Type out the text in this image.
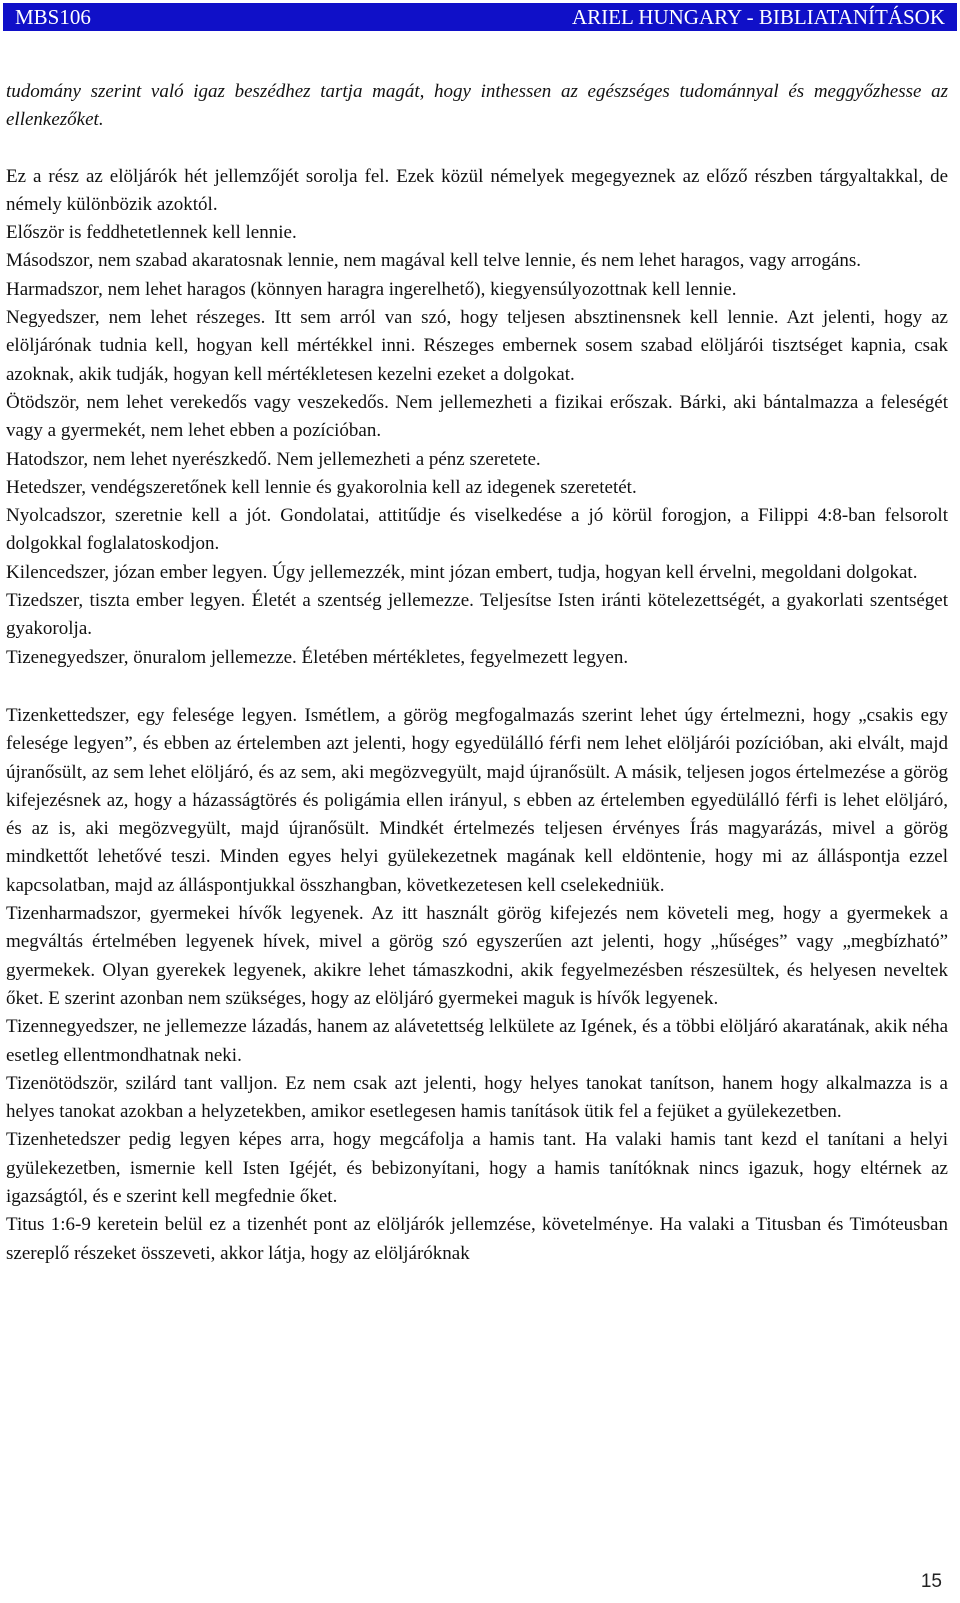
MBS106	ARIEL HUNGARY - BIBLIATANÍTÁSOK

tudomány szerint való igaz beszédhez tartja magát, hogy inthessen az egészséges tudománnyal és meggyőzhesse az ellenkezőket.

Ez a rész az elöljárók hét jellemzőjét sorolja fel. Ezek közül némelyek megegyeznek az előző részben tárgyaltakkal, de némely különbözik azoktól.

Először is feddhetetlennek kell lennie.

Másodszor, nem szabad akaratosnak lennie, nem magával kell telve lennie, és nem lehet haragos, vagy arrogáns.

Harmadszor, nem lehet haragos (könnyen haragra ingerelhető), kiegyensúlyozottnak kell lennie.

Negyedszer, nem lehet részeges. Itt sem arról van szó, hogy teljesen absztinensnek kell lennie. Azt jelenti, hogy az elöljárónak tudnia kell, hogyan kell mértékkel inni. Részeges embernek sosem szabad elöljárói tisztséget kapnia, csak azoknak, akik tudják, hogyan kell mértékletesen kezelni ezeket a dolgokat.

Ötödször, nem lehet verekedős vagy veszekedős. Nem jellemezheti a fizikai erőszak. Bárki, aki bántalmazza a feleségét vagy a gyermekét, nem lehet ebben a pozícióban.

Hatodszor, nem lehet nyerészkedő. Nem jellemezheti a pénz szeretete.

Hetedszer, vendégszeretőnek kell lennie és gyakorolnia kell az idegenek szeretetét.

Nyolcadszor, szeretnie kell a jót. Gondolatai, attitűdje és viselkedése a jó körül forogjon, a Filippi 4:8-ban felsorolt dolgokkal foglalatoskodjon.

Kilencedszer, józan ember legyen. Úgy jellemezzék, mint józan embert, tudja, hogyan kell érvelni, megoldani dolgokat.

Tizedszer, tiszta ember legyen. Életét a szentség jellemezze. Teljesítse Isten iránti kötelezettségét, a gyakorlati szentséget gyakorolja.

Tizenegyedszer, önuralom jellemezze. Életében mértékletes, fegyelmezett legyen.

Tizenkettedszer, egy felesége legyen. Ismétlem, a görög megfogalmazás szerint lehet úgy értelmezni, hogy „csakis egy felesége legyen”, és ebben az értelemben azt jelenti, hogy egyedülálló férfi nem lehet elöljárói pozícióban, aki elvált, majd újranősült, az sem lehet elöljáró, és az sem, aki megözvegyült, majd újranősült. A másik, teljesen jogos értelmezése a görög kifejezésnek az, hogy a házasságtörés és poligámia ellen irányul, s ebben az értelemben egyedülálló férfi is lehet elöljáró, és az is, aki megözvegyült, majd újranősült. Mindkét értelmezés teljesen érvényes Írás magyarázás, mivel a görög mindkettőt lehetővé teszi. Minden egyes helyi gyülekezetnek magának kell eldöntenie, hogy mi az álláspontja ezzel kapcsolatban, majd az álláspontjukkal összhangban, következetesen kell cselekedniük.

Tizenharmadszor, gyermekei hívők legyenek. Az itt használt görög kifejezés nem követeli meg, hogy a gyermekek a megváltás értelmében legyenek hívek, mivel a görög szó egyszerűen azt jelenti, hogy „hűséges” vagy „megbízható” gyermekek. Olyan gyerekek legyenek, akikre lehet támaszkodni, akik fegyelmezésben részesültek, és helyesen neveltek őket. E szerint azonban nem szükséges, hogy az elöljáró gyermekei maguk is hívők legyenek.

Tizennegyedszer, ne jellemezze lázadás, hanem az alávetettség lelkülete az Igének, és a többi elöljáró akaratának, akik néha esetleg ellentmondhatnak neki.

Tizenötödször, szilárd tant valljon. Ez nem csak azt jelenti, hogy helyes tanokat tanítson, hanem hogy alkalmazza is a helyes tanokat azokban a helyzetekben, amikor esetlegesen hamis tanítások ütik fel a fejüket a gyülekezetben.

Tizenhetedszer pedig legyen képes arra, hogy megcáfolja a hamis tant. Ha valaki hamis tant kezd el tanítani a helyi gyülekezetben, ismernie kell Isten Igéjét, és bebizonyítani, hogy a hamis tanítóknak nincs igazuk, hogy eltérnek az igazságtól, és e szerint kell megfednie őket.

Titus 1:6-9 keretein belül ez a tizenhét pont az elöljárók jellemzése, követelménye. Ha valaki a Titusban és Timóteusban szereplő részeket összeveti, akkor látja, hogy az elöljáróknak

15
